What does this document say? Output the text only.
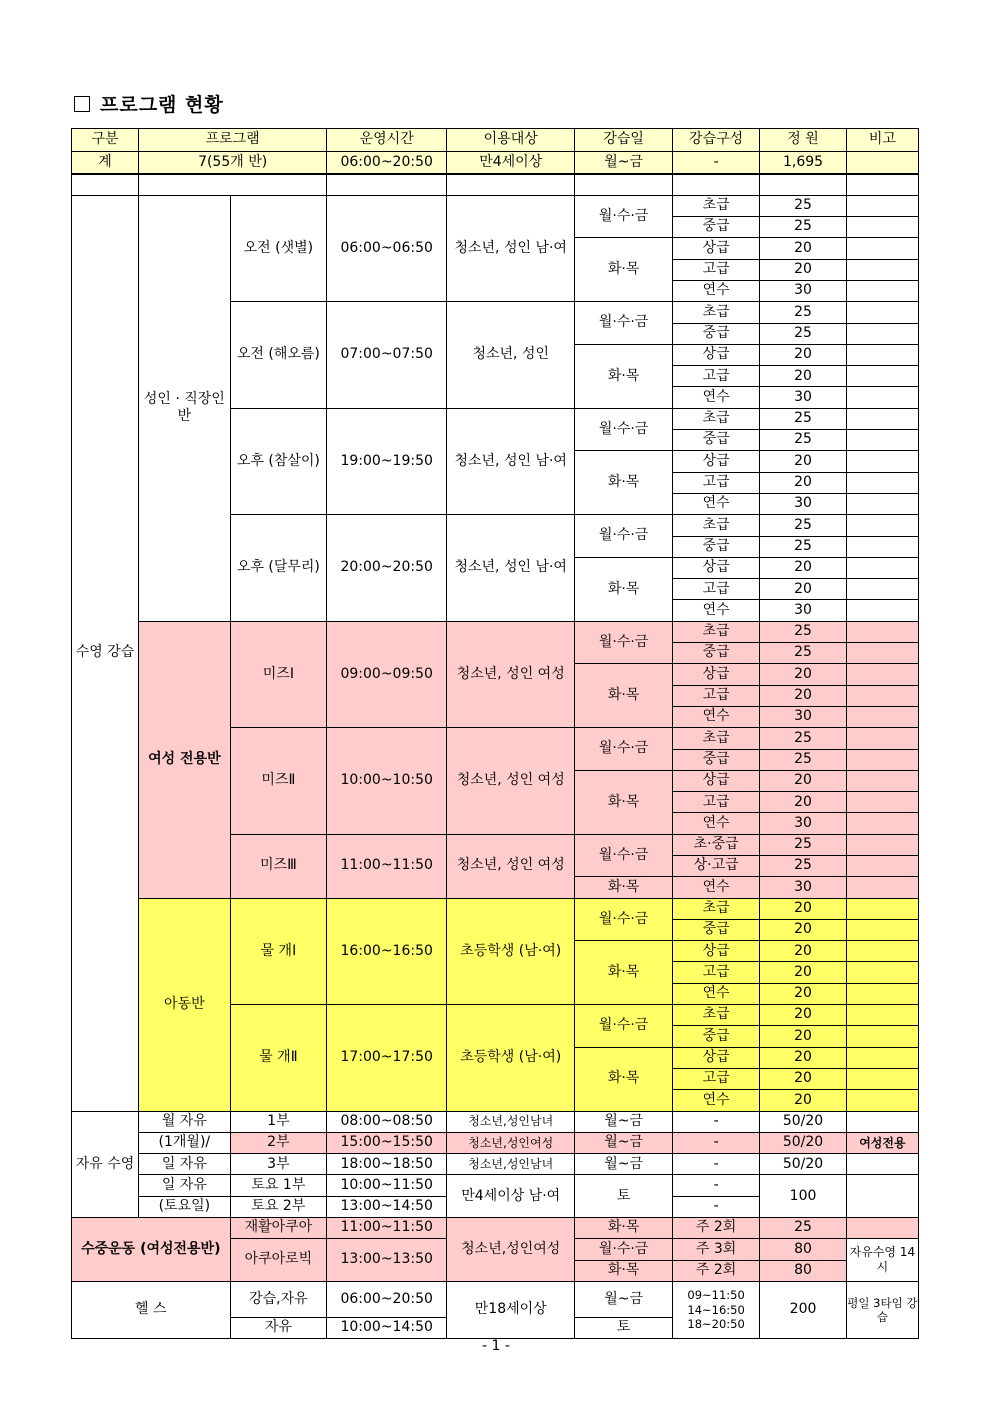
프로그램 현황
구분	프로그램		운영시간	이용대상	강습일	강습구성	정 원	비고
계	7(55개 반)		06:00~20:50	만4세이상	월~금	-	1,695	

수영 강습	성인 · 직장인반	오전 (샛별)	06:00~06:50	청소년, 성인 남·여	월·수·금	초급	25	
						중급	25	
					화·목	상급	20	
						고급	20	
						연수	30	
		오전 (해오름)	07:00~07:50	청소년, 성인	월·수·금	초급	25	
						중급	25	
					화·목	상급	20	
						고급	20	
						연수	30	
		오후 (참살이)	19:00~19:50	청소년, 성인 남·여	월·수·금	초급	25	
						중급	25	
					화·목	상급	20	
						고급	20	
						연수	30	
		오후 (달무리)	20:00~20:50	청소년, 성인 남·여	월·수·금	초급	25	
						중급	25	
					화·목	상급	20	
						고급	20	
						연수	30	
	여성 전용반	미즈Ⅰ	09:00~09:50	청소년, 성인 여성	월·수·금	초급	25	
						중급	25	
					화·목	상급	20	
						고급	20	
						연수	30	
		미즈Ⅱ	10:00~10:50	청소년, 성인 여성	월·수·금	초급	25	
						중급	25	
					화·목	상급	20	
						고급	20	
						연수	30	
		미즈Ⅲ	11:00~11:50	청소년, 성인 여성	월·수·금	초·중급	25	
						상·고급	25	
					화·목	연수	30	
	아동반	물 개Ⅰ	16:00~16:50	초등학생 (남·여)	월·수·금	초급	20	
						중급	20	
					화·목	상급	20	
						고급	20	
						연수	20	
		물 개Ⅱ	17:00~17:50	초등학생 (남·여)	월·수·금	초급	20	
						중급	20	
					화·목	상급	20	
						고급	20	
						연수	20	
자유 수영	월 자유	1부	08:00~08:50	청소년,성인남녀	월~금	-	50/20	
	(1개월)/	2부	15:00~15:50	청소년,성인여성	월~금	-	50/20	여성전용
	일 자유	3부	18:00~18:50	청소년,성인남녀	월~금	-	50/20	
	일 자유	토요 1부	10:00~11:50	만4세이상 남·여	토	-	100	
	(토요일)	토요 2부	13:00~14:50			-		
수중운동 (여성전용반)		재활아쿠아	11:00~11:50	청소년,성인여성	화·목	주 2회	25	
		아쿠아로빅	13:00~13:50		월·수·금	주 3회	80	자유수영 14시
					화·목	주 2회	80	
헬 스		강습,자유	06:00~20:50	만18세이상	월~금	09~11:50 14~16:50 18~20:50	200	평일 3타임 강습
		자유	10:00~14:50		토			
- 1 -
